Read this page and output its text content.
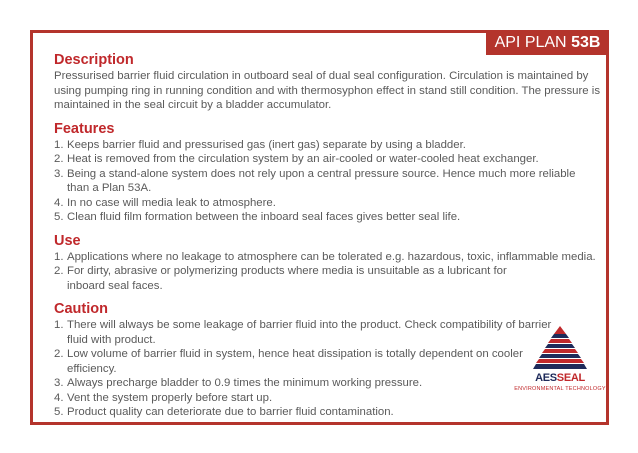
API PLAN 53B
Description

Pressurised barrier fluid circulation in outboard seal of dual seal configuration. Circulation is maintained by using pumping ring in running condition and with thermosyphon effect in stand still condition. The pressure is maintained in the seal circuit by a bladder accumulator.

Features
1. Keeps barrier fluid and pressurised gas (inert gas) separate by using a bladder.
2. Heat is removed from the circulation system by an air-cooled or water-cooled heat exchanger.
3. Being a stand-alone system does not rely upon a central pressure source. Hence much more reliable than a Plan 53A.
4. In no case will media leak to atmosphere.
5. Clean fluid film formation between the inboard seal faces gives better seal life.
Use
1. Applications where no leakage to atmosphere can be tolerated e.g. hazardous, toxic, inflammable media.
2. For dirty, abrasive or polymerizing products where media is unsuitable as a lubricant for inboard seal faces.
Caution
1. There will always be some leakage of barrier fluid into the product. Check compatibility of barrier fluid with product.
2. Low volume of barrier fluid in system, hence heat dissipation is totally dependent on cooler efficiency.
3. Always precharge bladder to 0.9 times the minimum working pressure.
4. Vent the system properly before start up.
5. Product quality can deteriorate due to barrier fluid contamination.
AESSEAL
ENVIRONMENTAL TECHNOLOGY
